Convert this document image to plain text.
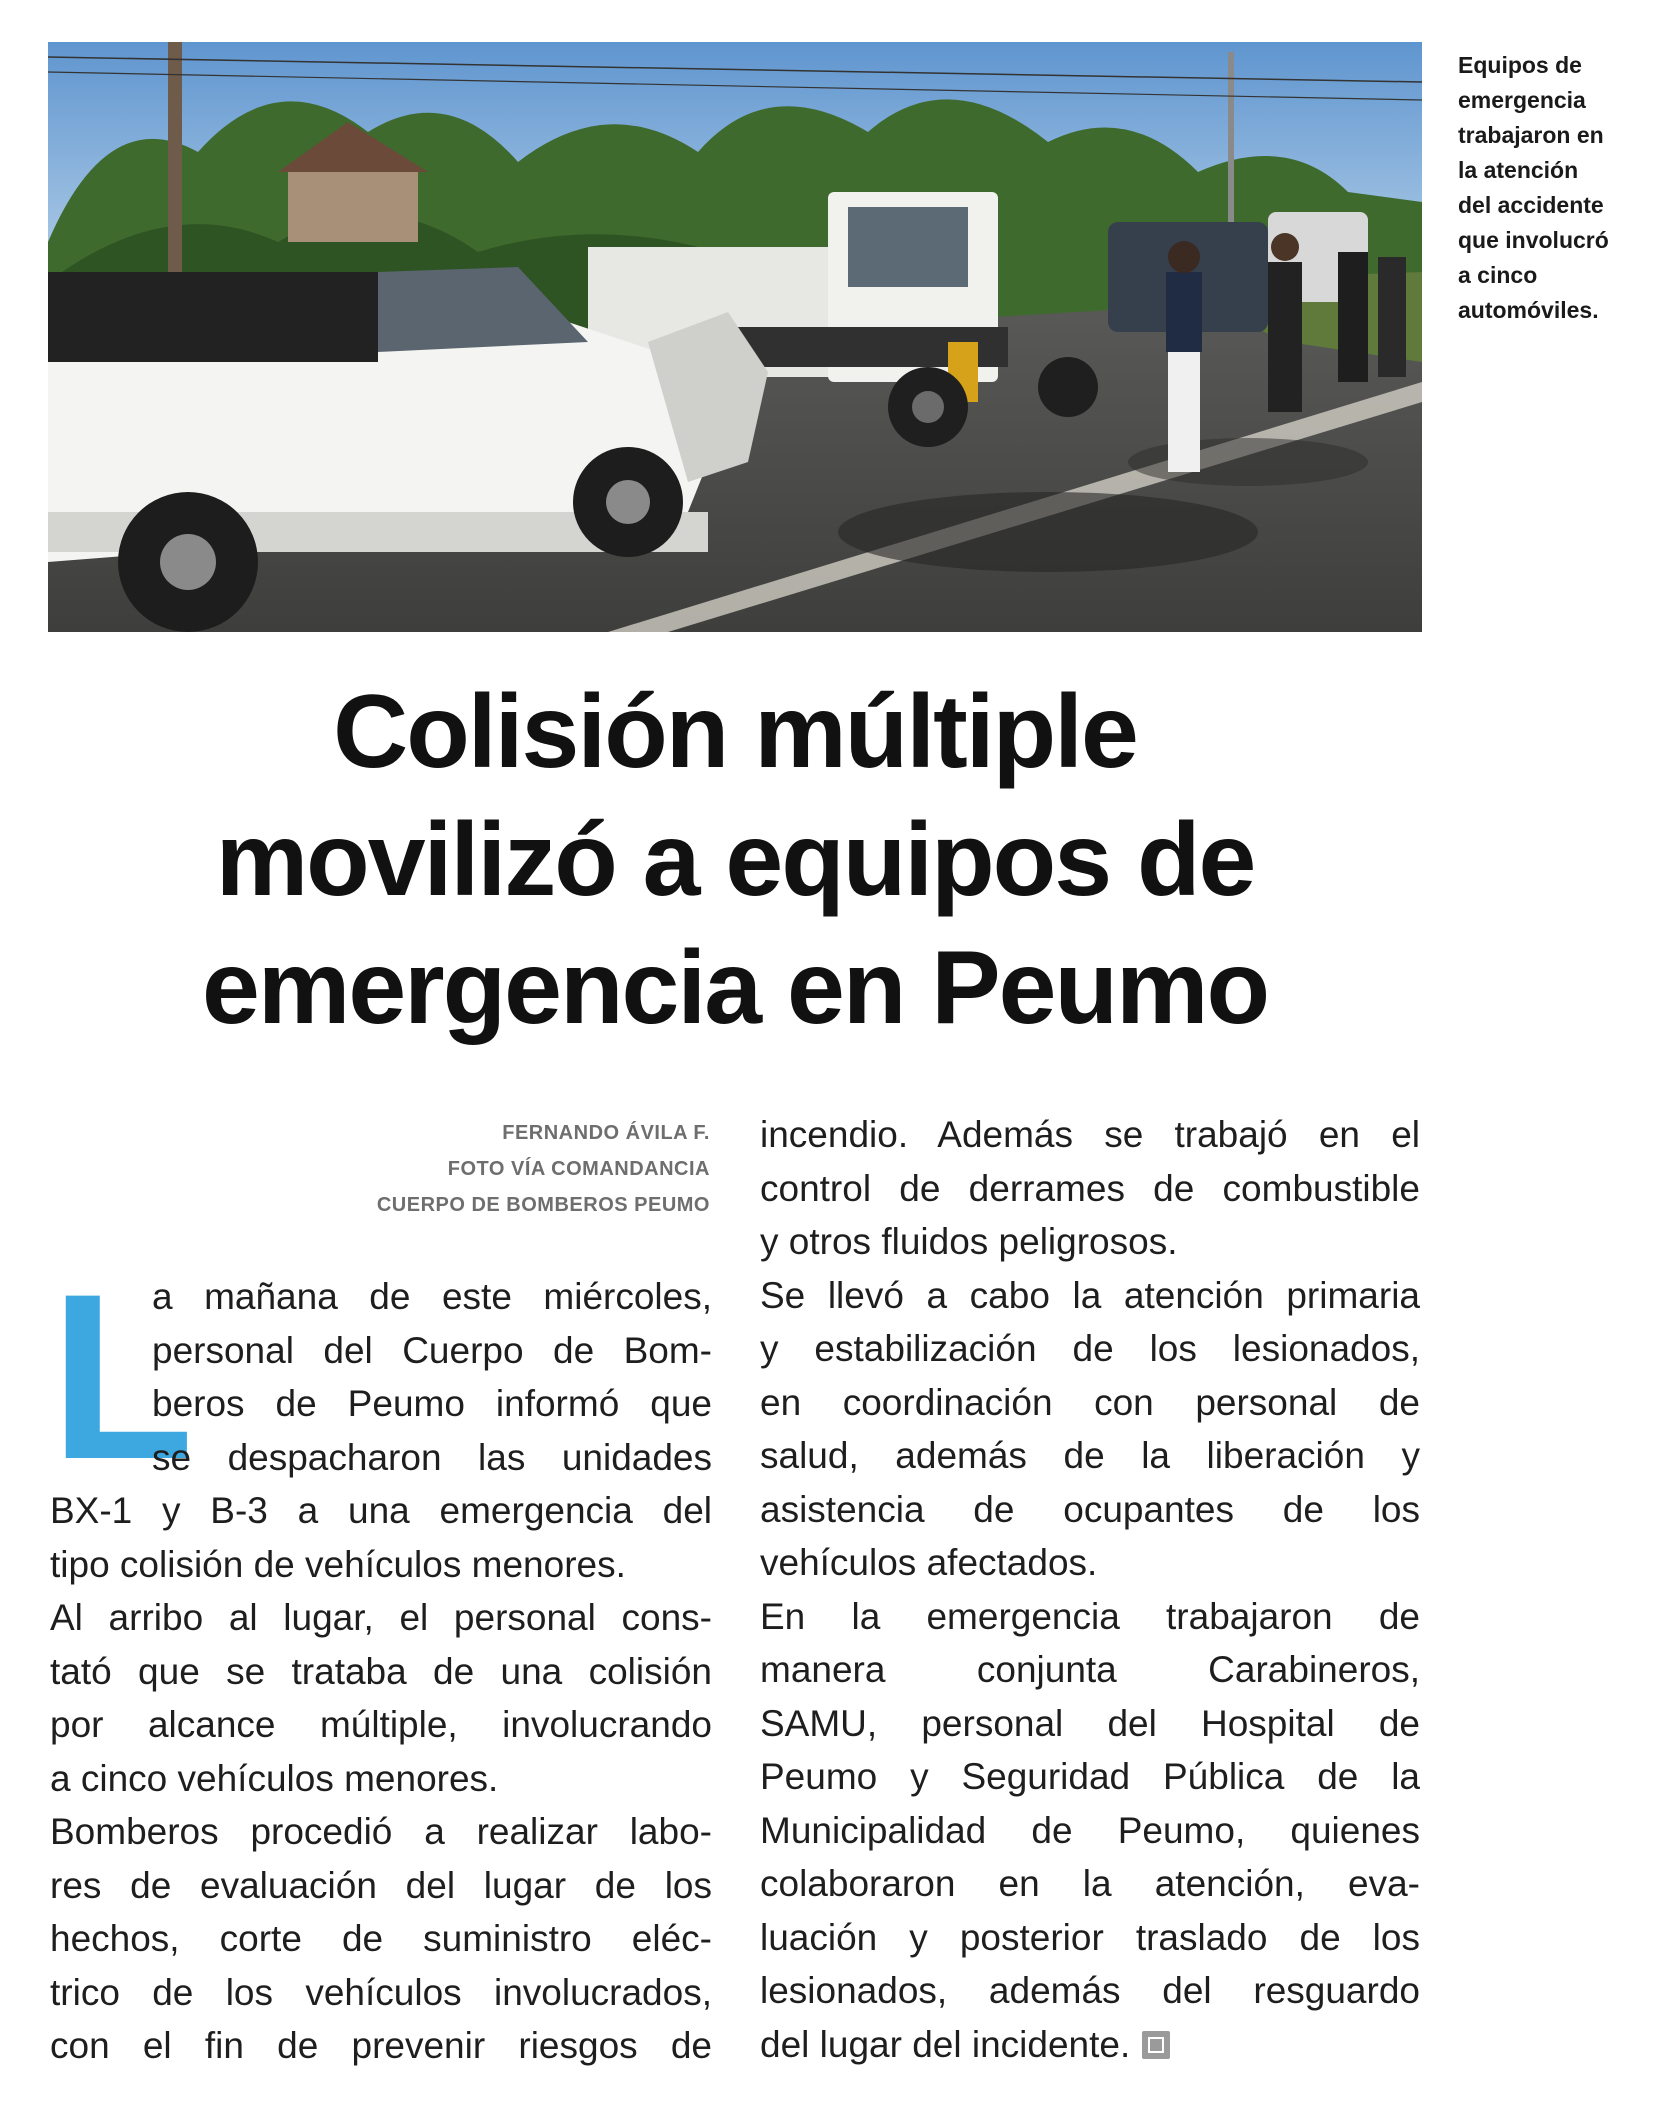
Equipos de
emergencia
trabajaron en
la atención
del accidente
que involucró
a cinco
automóviles.
Colisión múltiple
movilizó a equipos de
emergencia en Peumo
FERNANDO ÁVILA F.
FOTO VÍA COMANDANCIA
CUERPO DE BOMBEROS PEUMO
L
a mañana de este miércoles,
personal del Cuerpo de Bom-
beros de Peumo informó que
se despacharon las unidades
BX-1 y B-3 a una emergencia del
tipo colisión de vehículos menores.
Al arribo al lugar, el personal cons-
tató que se trataba de una colisión
por alcance múltiple, involucrando
a cinco vehículos menores.
Bomberos procedió a realizar labo-
res de evaluación del lugar de los
hechos, corte de suministro eléc-
trico de los vehículos involucrados,
con el fin de prevenir riesgos de
incendio. Además se trabajó en el
control de derrames de combustible
y otros fluidos peligrosos.
Se llevó a cabo la atención primaria
y estabilización de los lesionados,
en coordinación con personal de
salud, además de la liberación y
asistencia de ocupantes de los
vehículos afectados.
En la emergencia trabajaron de
manera conjunta Carabineros,
SAMU, personal del Hospital de
Peumo y Seguridad Pública de la
Municipalidad de Peumo, quienes
colaboraron en la atención, eva-
luación y posterior traslado de los
lesionados, además del resguardo
del lugar del incidente.
